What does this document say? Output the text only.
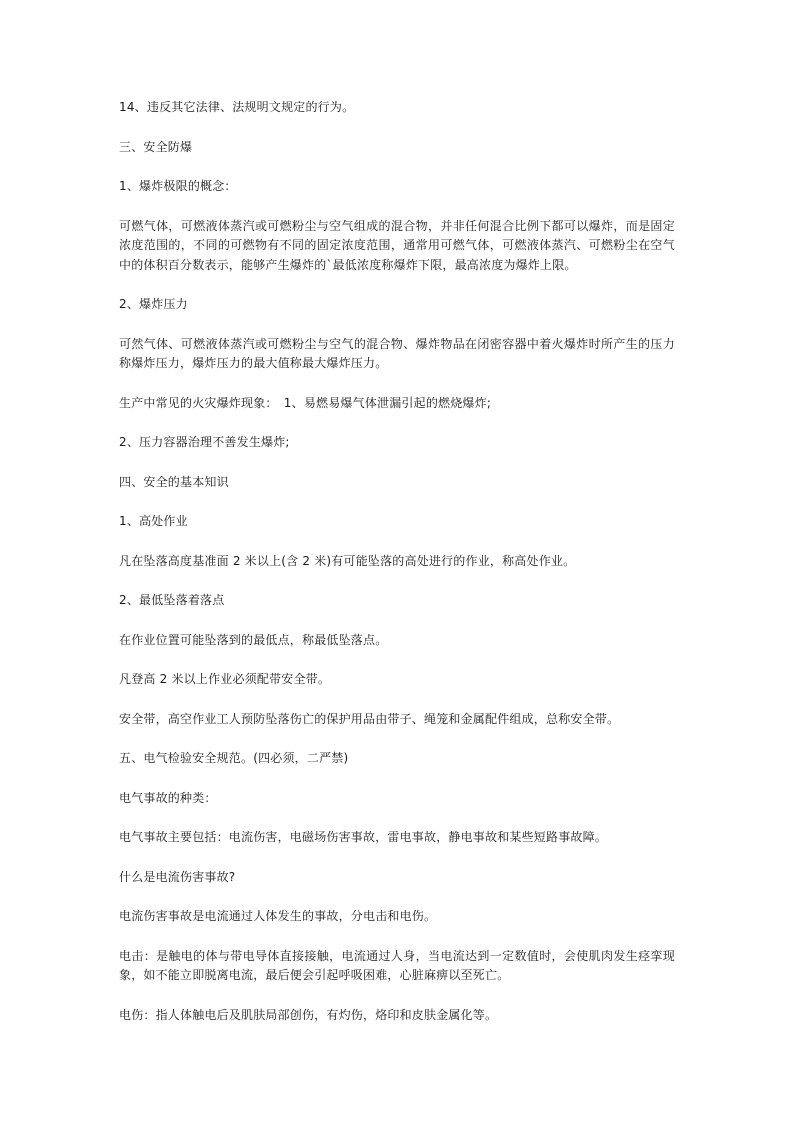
14、违反其它法律、法规明文规定的行为。

三、安全防爆

1、爆炸极限的概念：

可燃气体，可燃液体蒸汽或可燃粉尘与空气组成的混合物，并非任何混合比例下都可以爆炸，而是固定浓度范围的，不同的可燃物有不同的固定浓度范围，通常用可燃气体，可燃液体蒸汽、可燃粉尘在空气中的体积百分数表示，能够产生爆炸的`最低浓度称爆炸下限，最高浓度为爆炸上限。

2、爆炸压力

可然气体、可燃液体蒸汽或可燃粉尘与空气的混合物、爆炸物品在闭密容器中着火爆炸时所产生的压力称爆炸压力，爆炸压力的最大值称最大爆炸压力。

生产中常见的火灾爆炸现象：　1、易燃易爆气体泄漏引起的燃烧爆炸;

2、压力容器治理不善发生爆炸;

四、安全的基本知识

1、高处作业

凡在坠落高度基准面 2 米以上(含 2 米)有可能坠落的高处进行的作业，称高处作业。

2、最低坠落着落点

在作业位置可能坠落到的最低点，称最低坠落点。

凡登高 2 米以上作业必须配带安全带。

安全带，高空作业工人预防坠落伤亡的保护用品由带子、绳笼和金属配件组成，总称安全带。

五、电气检验安全规范。(四必须，二严禁)

电气事故的种类：

电气事故主要包括：电流伤害，电磁场伤害事故，雷电事故，静电事故和某些短路事故障。

什么是电流伤害事故?

电流伤害事故是电流通过人体发生的事故，分电击和电伤。

电击：是触电的体与带电导体直接接触，电流通过人身，当电流达到一定数值时，会使肌肉发生痉挛现象，如不能立即脱离电流，最后便会引起呼吸困难，心脏麻痹以至死亡。

电伤：指人体触电后及肌肤局部创伤，有灼伤，烙印和皮肤金属化等。
